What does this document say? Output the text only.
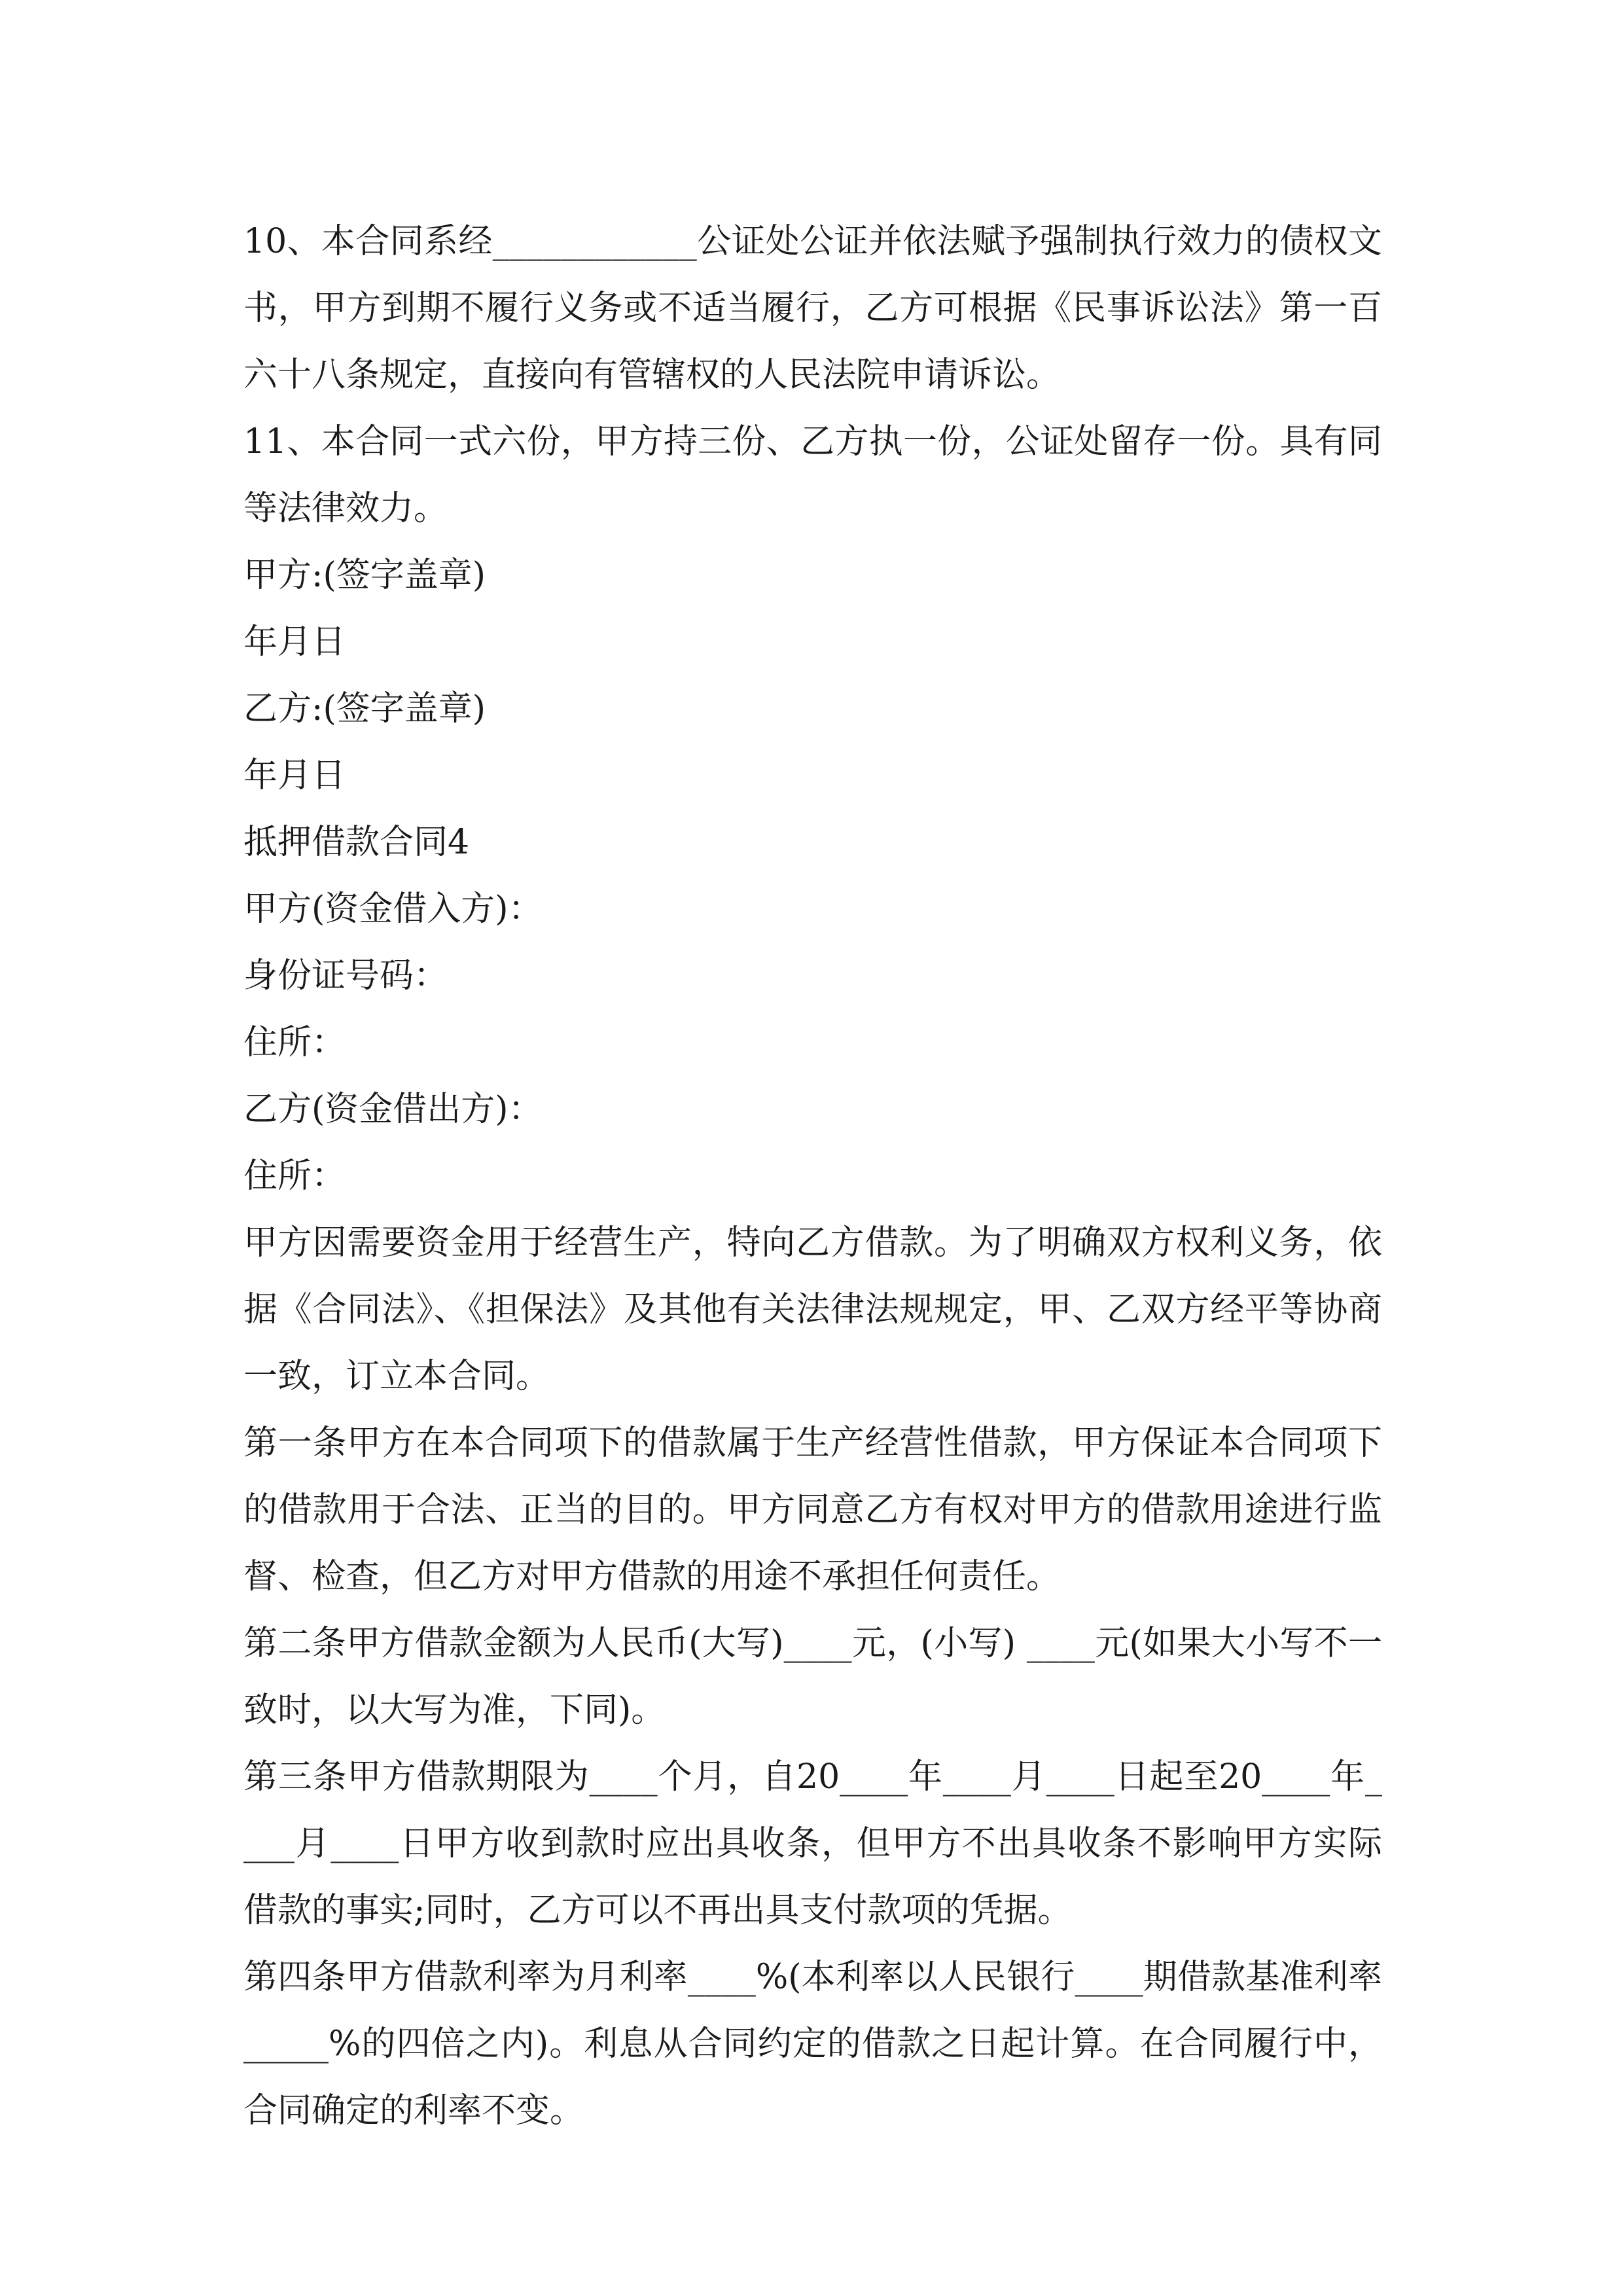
10、本合同系经____________公证处公证并依法赋予强制执行效力的债权文书，甲方到期不履行义务或不适当履行，乙方可根据《民事诉讼法》第一百六十八条规定，直接向有管辖权的人民法院申请诉讼。

11、本合同一式六份，甲方持三份、乙方执一份，公证处留存一份。具有同等法律效力。

甲方:(签字盖章)

年月日

乙方:(签字盖章)

年月日

抵押借款合同4

甲方(资金借入方)：

身份证号码：

住所：

乙方(资金借出方)：

住所：

甲方因需要资金用于经营生产，特向乙方借款。为了明确双方权利义务，依据《合同法》、《担保法》及其他有关法律法规规定，甲、乙双方经平等协商一致，订立本合同。

第一条甲方在本合同项下的借款属于生产经营性借款，甲方保证本合同项下的借款用于合法、正当的目的。甲方同意乙方有权对甲方的借款用途进行监督、检查，但乙方对甲方借款的用途不承担任何责任。

第二条甲方借款金额为人民币(大写)____元，(小写) ____元(如果大小写不一致时，以大写为准，下同)。

第三条甲方借款期限为____个月，自20____年____月____日起至20____年____月____日甲方收到款时应出具收条，但甲方不出具收条不影响甲方实际借款的事实;同时，乙方可以不再出具支付款项的凭据。

第四条甲方借款利率为月利率____%(本利率以人民银行____期借款基准利率_____%的四倍之内)。利息从合同约定的借款之日起计算。在合同履行中，合同确定的利率不变。
